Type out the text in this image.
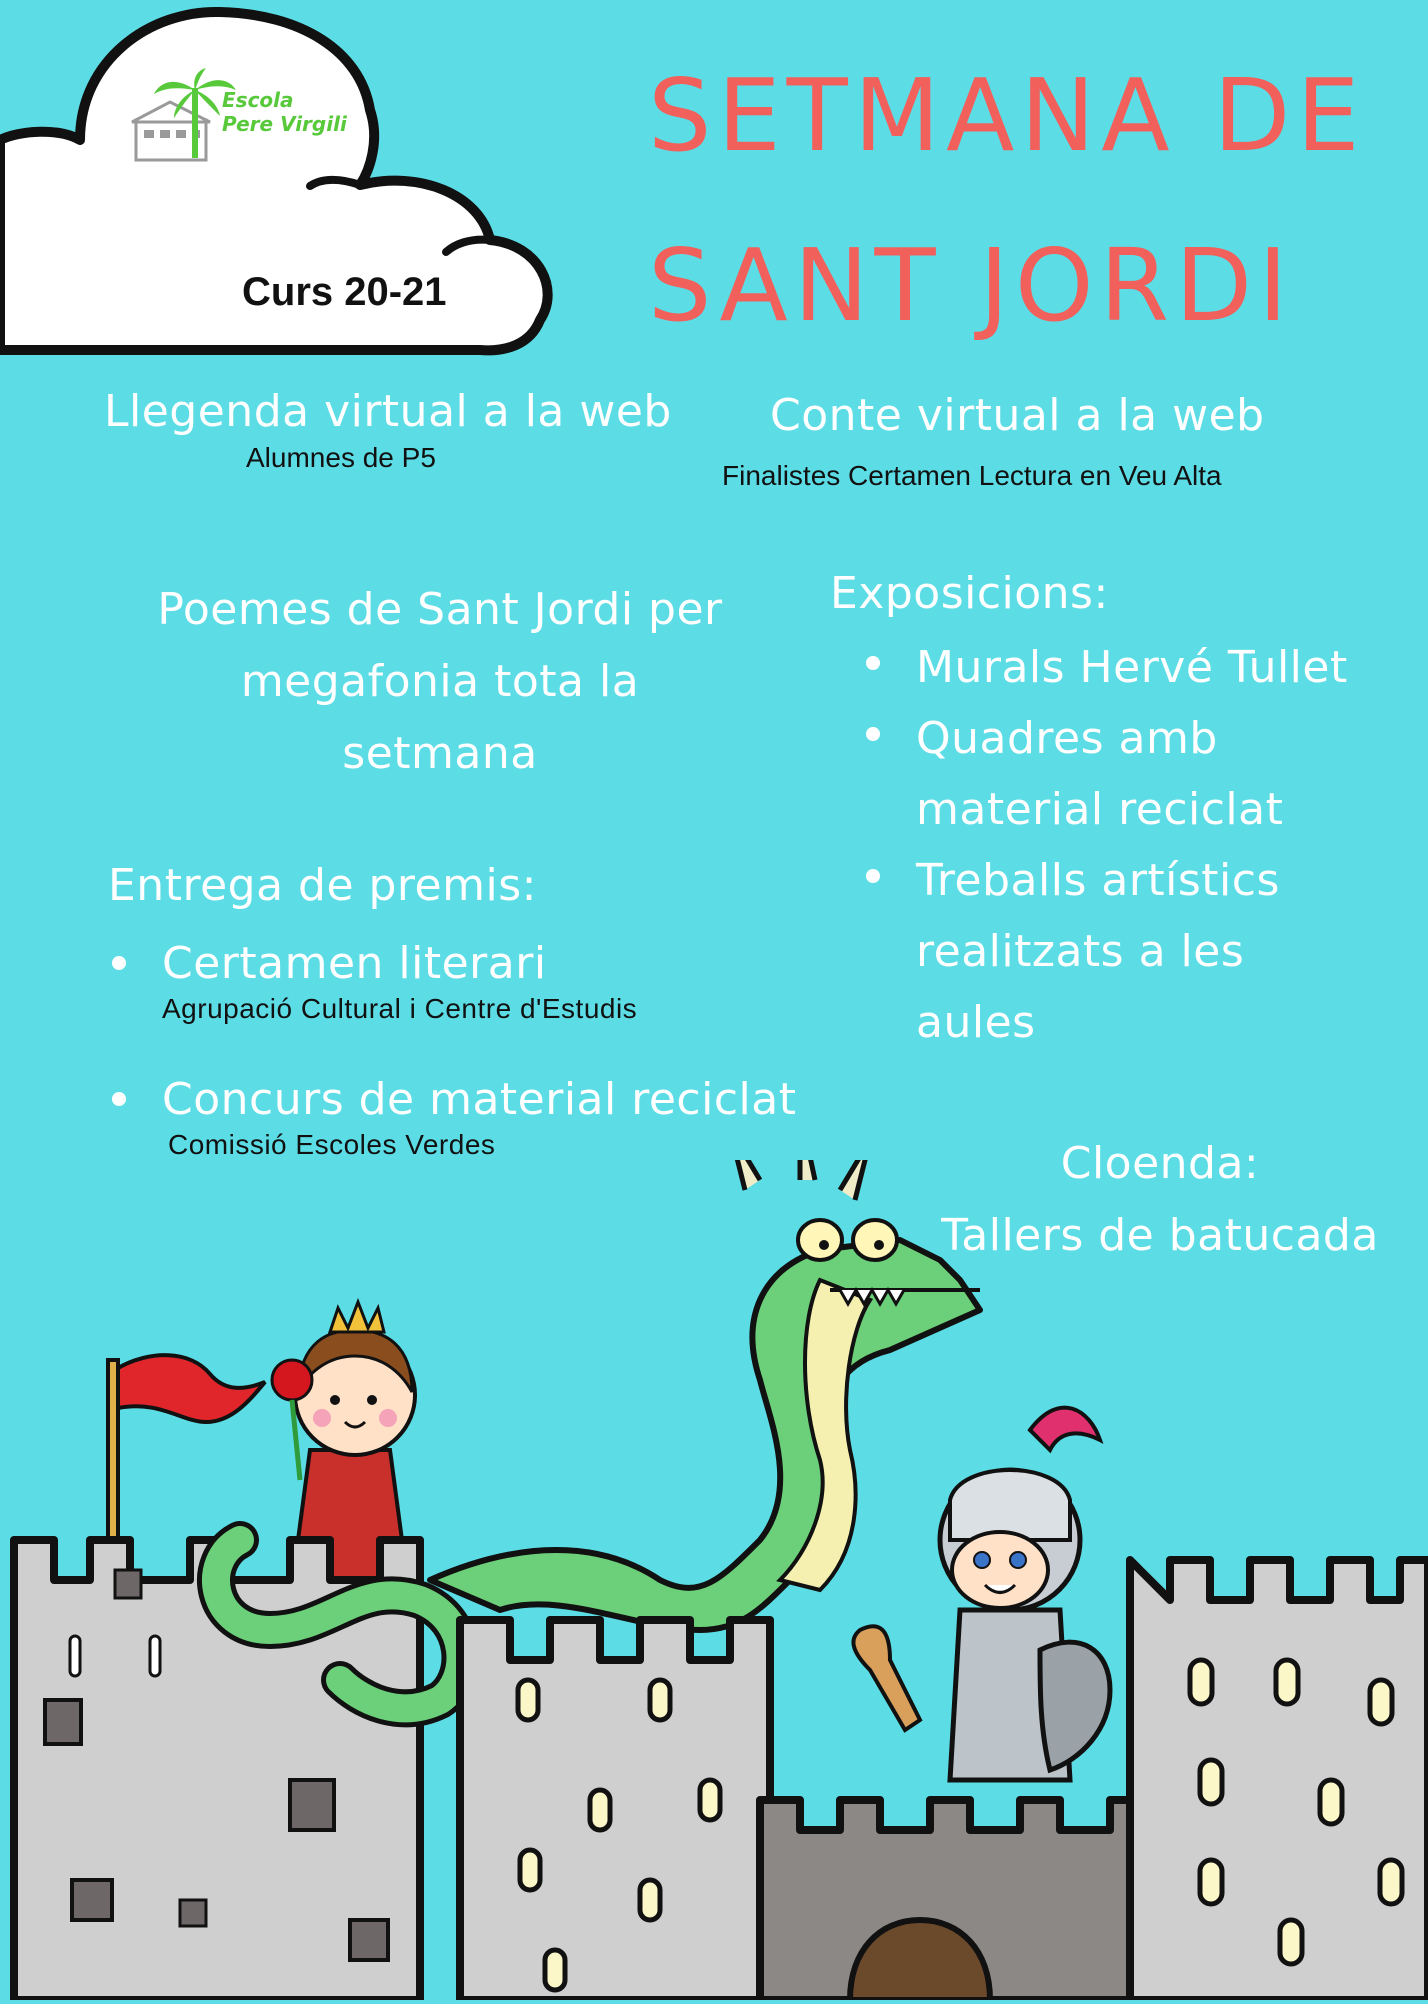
Escola
Pere Virgili
Curs 20-21
SETMANA DE
SANT JORDI
Llegenda virtual a la web
Alumnes de P5
Conte virtual a la web
Finalistes Certamen Lectura en Veu Alta
Poemes de Sant Jordi per
megafonia tota la setmana
Exposicions:
Murals Hervé Tullet
Quadres amb
material reciclat
Treballs artístics
realitzats a les
aules
Entrega de premis:
Certamen literari
Agrupació Cultural i Centre d'Estudis
Concurs de material reciclat
Comissió Escoles Verdes	Cloenda:
Tallers de batucada
